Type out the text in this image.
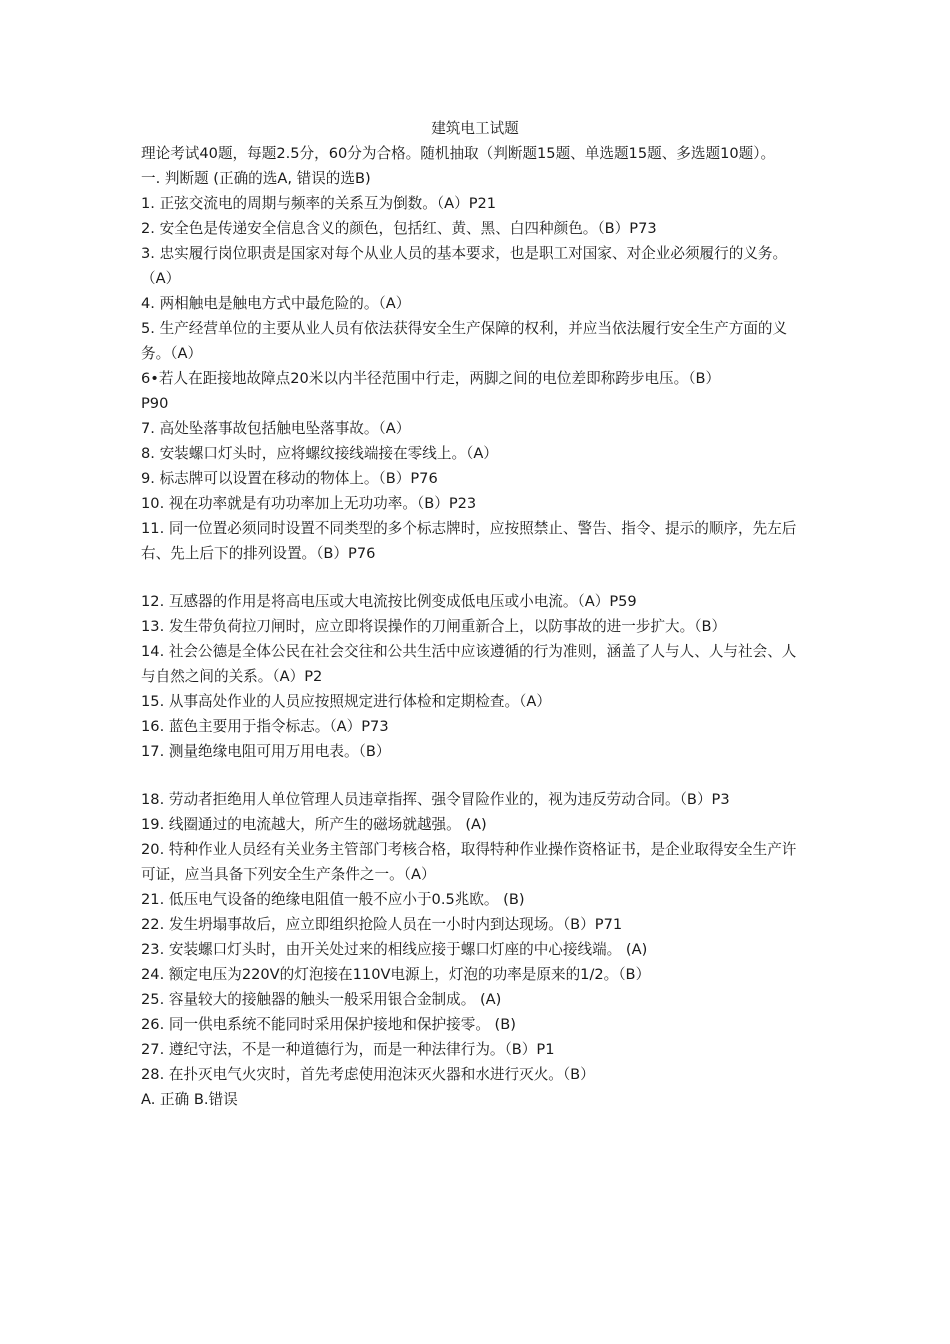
建筑电工试题

理论考试40题，每题2.5分，60分为合格。随机抽取（判断题15题、单选题15题、多选题10题）。

一. 判断题 (正确的选A, 错误的选B)

1. 正弦交流电的周期与频率的关系互为倒数。（A）P21

2. 安全色是传递安全信息含义的颜色，包括红、黄、黑、白四种颜色。（B）P73

3. 忠实履行岗位职责是国家对每个从业人员的基本要求，也是职工对国家、对企业必须履行的义务。（A）

4. 两相触电是触电方式中最危险的。（A）

5. 生产经营单位的主要从业人员有依法获得安全生产保障的权利，并应当依法履行安全生产方面的义务。（A）

6•若人在距接地故障点20米以内半径范围中行走，两脚之间的电位差即称跨步电压。（B）

P90

7. 高处坠落事故包括触电坠落事故。（A）

8. 安装螺口灯头时，应将螺纹接线端接在零线上。（A）

9. 标志牌可以设置在移动的物体上。（B）P76

10. 视在功率就是有功功率加上无功功率。（B）P23

11. 同一位置必须同时设置不同类型的多个标志牌时，应按照禁止、警告、指令、提示的顺序，先左后右、先上后下的排列设置。（B）P76

12. 互感器的作用是将高电压或大电流按比例变成低电压或小电流。（A）P59

13. 发生带负荷拉刀闸时，应立即将误操作的刀闸重新合上，以防事故的进一步扩大。（B）

14. 社会公德是全体公民在社会交往和公共生活中应该遵循的行为准则，涵盖了人与人、人与社会、人与自然之间的关系。（A）P2

15. 从事高处作业的人员应按照规定进行体检和定期检查。（A）

16. 蓝色主要用于指令标志。（A）P73

17. 测量绝缘电阻可用万用电表。（B）

18. 劳动者拒绝用人单位管理人员违章指挥、强令冒险作业的，视为违反劳动合同。（B）P3

19. 线圈通过的电流越大，所产生的磁场就越强。 (A)

20. 特种作业人员经有关业务主管部门考核合格，取得特种作业操作资格证书，是企业取得安全生产许可证，应当具备下列安全生产条件之一。（A）

21. 低压电气设备的绝缘电阻值一般不应小于0.5兆欧。 (B)

22. 发生坍塌事故后，应立即组织抢险人员在一小时内到达现场。（B）P71

23. 安装螺口灯头时，由开关处过来的相线应接于螺口灯座的中心接线端。 (A)

24. 额定电压为220V的灯泡接在110V电源上，灯泡的功率是原来的1/2。（B）

25. 容量较大的接触器的触头一般采用银合金制成。 (A)

26. 同一供电系统不能同时采用保护接地和保护接零。 (B)

27. 遵纪守法，不是一种道德行为，而是一种法律行为。（B）P1

28. 在扑灭电气火灾时，首先考虑使用泡沫灭火器和水进行灭火。（B）

A. 正确 B.错误
